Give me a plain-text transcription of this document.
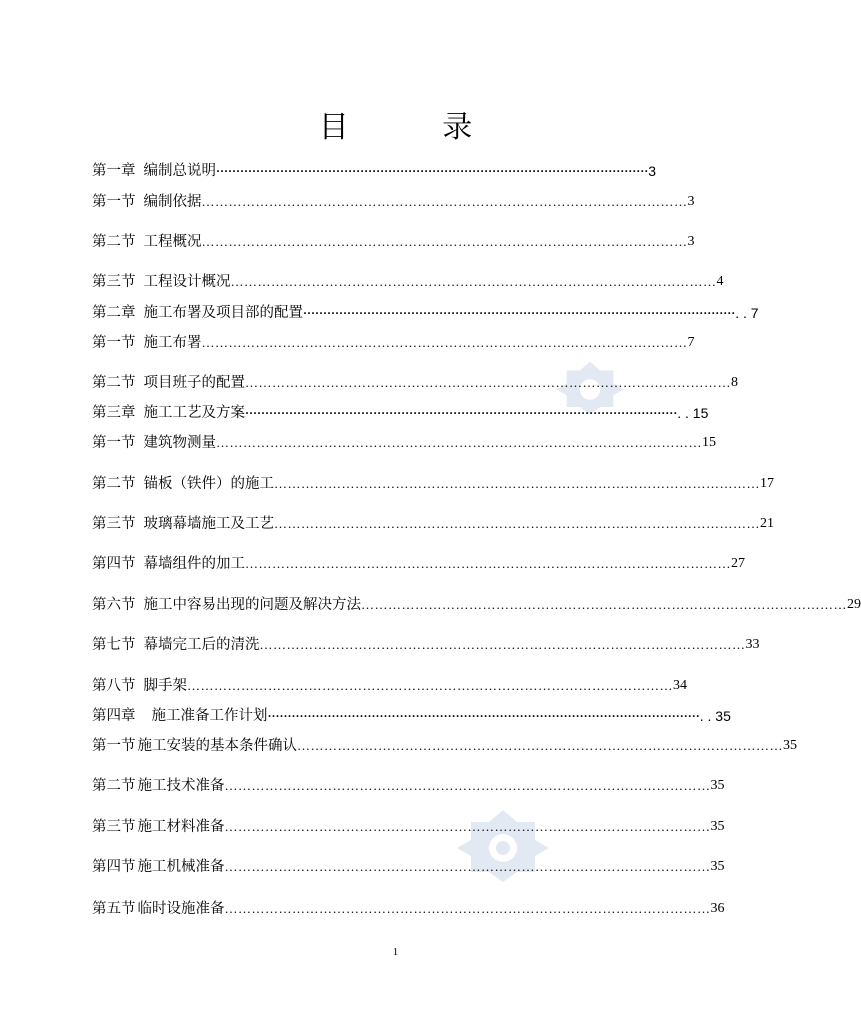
目 录
第一章 编制总说明 ············································································································ 3
第一节 编制依据 ……………………………………………………………………………………………… 3
第二节 工程概况 ……………………………………………………………………………………………… 3
第三节 工程设计概况 ……………………………………………………………………………………………… 4
第二章 施工布署及项目部的配置 ············································································································ . . 7
第一节 施工布署 ……………………………………………………………………………………………… 7
第二节 项目班子的配置 ……………………………………………………………………………………………… 8
第三章 施工工艺及方案 ············································································································ . . 15
第一节 建筑物测量 ……………………………………………………………………………………………… 15
第二节 锚板（铁件）的施工 ……………………………………………………………………………………………… 17
第三节 玻璃幕墙施工及工艺 ……………………………………………………………………………………………… 21
第四节 幕墙组件的加工 ……………………………………………………………………………………………… 27
第六节 施工中容易出现的问题及解决方法 ……………………………………………………………………………………………… 29
第七节 幕墙完工后的清洗 ……………………………………………………………………………………………… 33
第八节 脚手架 ……………………………………………………………………………………………… 34
第四章 施工准备工作计划 ············································································································ . . 35
第一节 施工安装的基本条件确认 ……………………………………………………………………………………………… 35
第二节 施工技术准备 ……………………………………………………………………………………………… 35
第三节 施工材料准备 ……………………………………………………………………………………………… 35
第四节 施工机械准备 ……………………………………………………………………………………………… 35
第五节 临时设施准备 ……………………………………………………………………………………………… 36
1
